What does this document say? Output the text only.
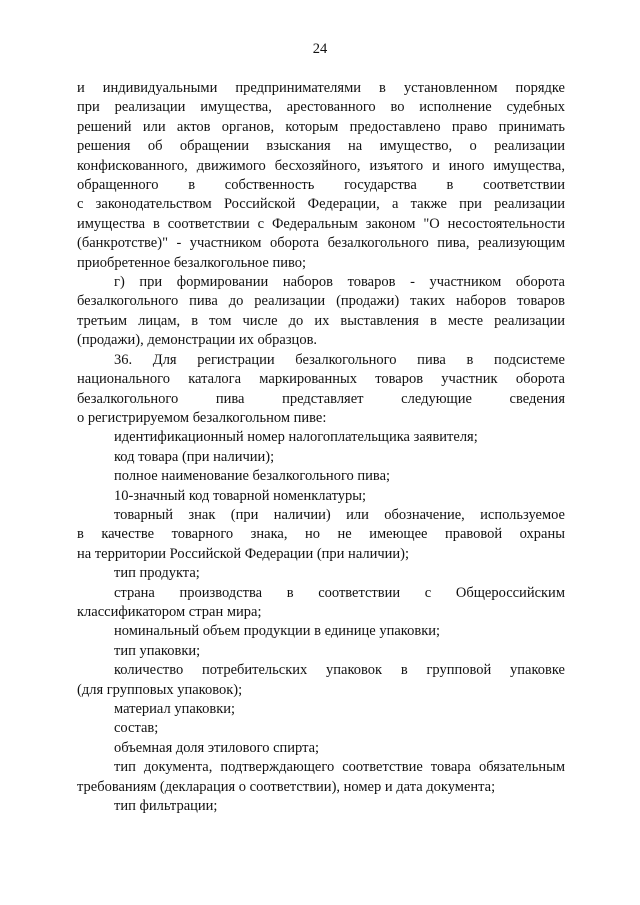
24
и индивидуальными предпринимателями в установленном порядке
при реализации имущества, арестованного во исполнение судебных
решений или актов органов, которым предоставлено право принимать
решения об обращении взыскания на имущество, о реализации
конфискованного, движимого бесхозяйного, изъятого и иного имущества,
обращенного в собственность государства в соответствии
с законодательством Российской Федерации, а также при реализации
имущества в соответствии с Федеральным законом "О несостоятельности
(банкротстве)" - участником оборота безалкогольного пива, реализующим
приобретенное безалкогольное пиво;
г) при формировании наборов товаров - участником оборота
безалкогольного пива до реализации (продажи) таких наборов товаров
третьим лицам, в том числе до их выставления в месте реализации
(продажи), демонстрации их образцов.
36. Для регистрации безалкогольного пива в подсистеме
национального каталога маркированных товаров участник оборота
безалкогольного пива представляет следующие сведения
о регистрируемом безалкогольном пиве:
идентификационный номер налогоплательщика заявителя;
код товара (при наличии);
полное наименование безалкогольного пива;
10-значный код товарной номенклатуры;
товарный знак (при наличии) или обозначение, используемое
в качестве товарного знака, но не имеющее правовой охраны
на территории Российской Федерации (при наличии);
тип продукта;
страна производства в соответствии с Общероссийским
классификатором стран мира;
номинальный объем продукции в единице упаковки;
тип упаковки;
количество потребительских упаковок в групповой упаковке
(для групповых упаковок);
материал упаковки;
состав;
объемная доля этилового спирта;
тип документа, подтверждающего соответствие товара обязательным
требованиям (декларация о соответствии), номер и дата документа;
тип фильтрации;
